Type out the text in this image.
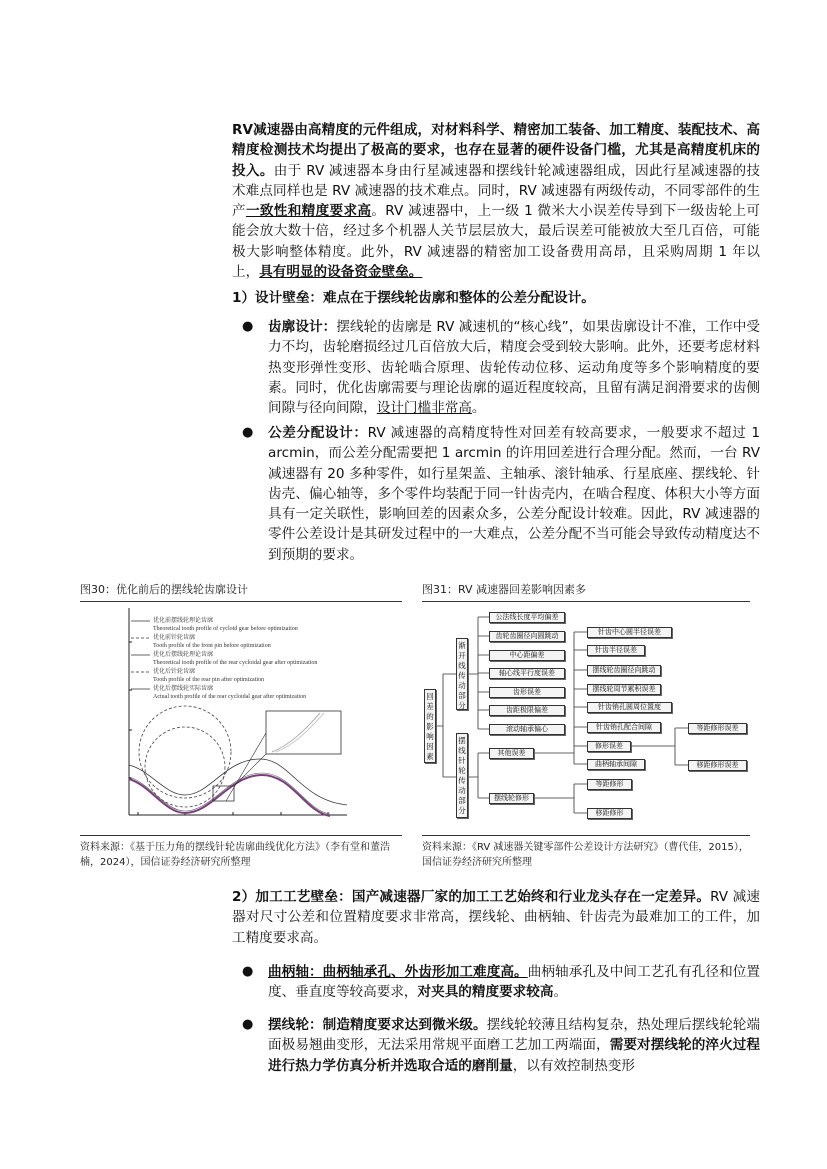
RV减速器由高精度的元件组成，对材料科学、精密加工装备、加工精度、装配技术、高精度检测技术均提出了极高的要求，也存在显著的硬件设备门槛，尤其是高精度机床的投入。由于 RV 减速器本身由行星减速器和摆线针轮减速器组成，因此行星减速器的技术难点同样也是 RV 减速器的技术难点。同时，RV 减速器有两级传动，不同零部件的生产一致性和精度要求高。RV 减速器中，上一级 1 微米大小误差传导到下一级齿轮上可能会放大数十倍，经过多个机器人关节层层放大，最后误差可能被放大至几百倍，可能极大影响整体精度。此外，RV 减速器的精密加工设备费用高昂，且采购周期 1 年以上，具有明显的设备资金壁垒。
1）设计壁垒：难点在于摆线轮齿廓和整体的公差分配设计。
● 齿廓设计：摆线轮的齿廓是 RV 减速机的“核心线”，如果齿廓设计不准，工作中受力不均，齿轮磨损经过几百倍放大后，精度会受到较大影响。此外，还要考虑材料热变形弹性变形、齿轮啮合原理、齿轮传动位移、运动角度等多个影响精度的要素。同时，优化齿廓需要与理论齿廓的逼近程度较高，且留有满足润滑要求的齿侧间隙与径向间隙，设计门槛非常高。
● 公差分配设计：RV 减速器的高精度特性对回差有较高要求，一般要求不超过 1 arcmin，而公差分配需要把 1 arcmin 的许用回差进行合理分配。然而，一台 RV 减速器有 20 多种零件，如行星架盖、主轴承、滚针轴承、行星底座、摆线轮、针齿壳、偏心轴等，多个零件均装配于同一针齿壳内，在啮合程度、体积大小等方面具有一定关联性，影响回差的因素众多，公差分配设计较难。因此，RV 减速器的零件公差设计是其研发过程中的一大难点，公差分配不当可能会导致传动精度达不到预期的要求。
图30：优化前后的摆线轮齿廓设计
优化前摆线轮理论齿廓
Theoretical tooth profile of cycloid gear before optimization
优化前针轮齿廓
Tooth profile of the front pin before optimization
优化后摆线轮理论齿廓
Theoretical tooth profile of the rear cycloidal gear after optimization
优化后针轮齿廓
Tooth profile of the rear pin after optimization
优化后摆线轮实际齿廓
Actual tooth profile of the rear cycloidal gear after optimization
图31：RV 减速器回差影响因素多
回差的影响因素
渐开线传动部分
摆线针轮传动部分
公法线长度平均偏差
齿轮齿圈径向圆跳动
中心距偏差
轴心线平行度误差
齿形误差
齿距极限偏差
滚动轴承偏心
其他误差
摆线轮修形
针齿中心圆半径误差
针齿半径误差
摆线轮齿圈径向跳动
摆线轮周节累积误差
针齿销孔圆周位置度
针齿销孔配合间隙
修形误差
曲柄轴承间隙
等距修形误差
移距修形误差
等距修形
移距修形
资料来源：《基于压力角的摆线针轮齿廓曲线优化方法》（李有堂和董浩楠，2024），国信证券经济研究所整理
资料来源：《RV 减速器关键零部件公差设计方法研究》（曹代佳，2015），国信证券经济研究所整理
2）加工工艺壁垒：国产减速器厂家的加工工艺始终和行业龙头存在一定差异。RV 减速器对尺寸公差和位置精度要求非常高，摆线轮、曲柄轴、针齿壳为最难加工的工件，加工精度要求高。
● 曲柄轴：曲柄轴承孔、外齿形加工难度高。曲柄轴承孔及中间工艺孔有孔径和位置度、垂直度等较高要求，对夹具的精度要求较高。
● 摆线轮：制造精度要求达到微米级。摆线轮较薄且结构复杂，热处理后摆线轮轮端面极易翘曲变形，无法采用常规平面磨工艺加工两端面，需要对摆线轮的淬火过程进行热力学仿真分析并选取合适的磨削量，以有效控制热变形
